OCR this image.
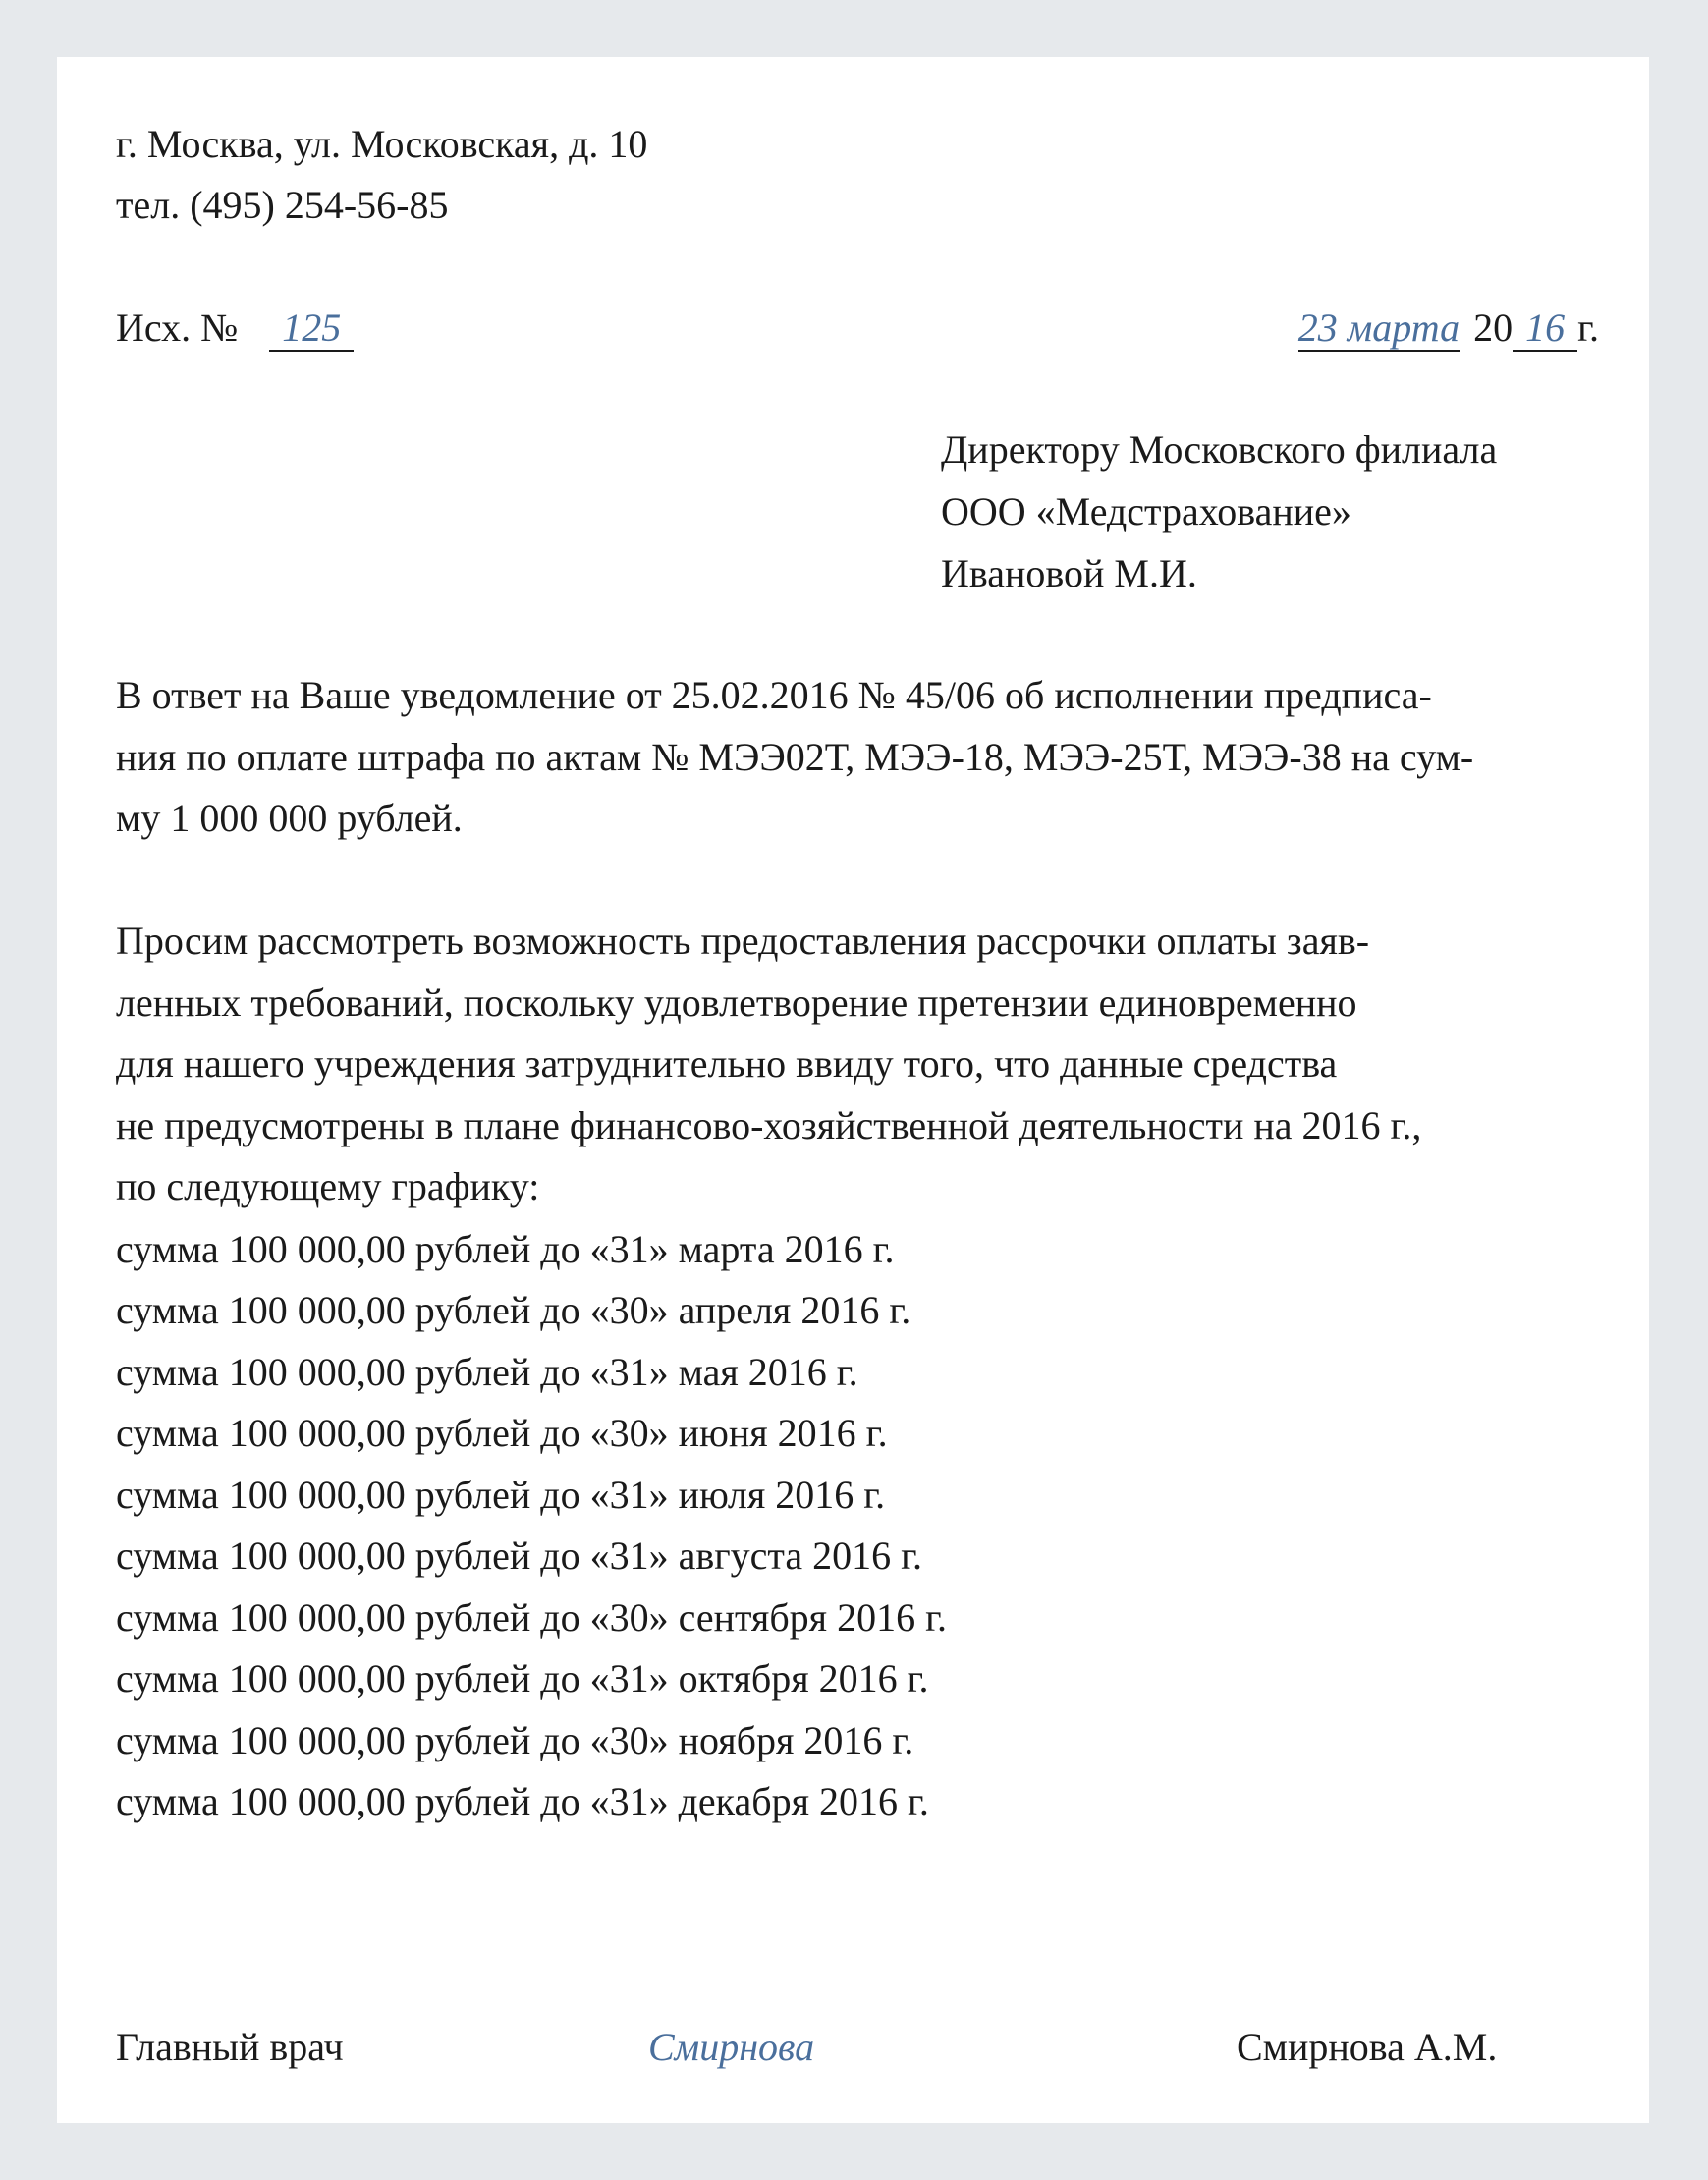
г. Москва, ул. Московская, д. 10

тел. (495) 254-56-85

Исх. № 125	23 марта 20 16 г.

Директору Московского филиала

ООО «Медстрахование»

Ивановой М.И.

В ответ на Ваше уведомление от 25.02.2016 № 45/06 об исполнении предписа-

ния по оплате штрафа по актам № МЭЭ02Т, МЭЭ-18, МЭЭ-25Т, МЭЭ-38 на сум-

му 1 000 000 рублей.

Просим рассмотреть возможность предоставления рассрочки оплаты заяв-

ленных требований, поскольку удовлетворение претензии единовременно

для нашего учреждения затруднительно ввиду того, что данные средства

не предусмотрены в плане финансово-хозяйственной деятельности на 2016 г.,

по следующему графику:

сумма 100 000,00 рублей до «31» марта 2016 г.

сумма 100 000,00 рублей до «30» апреля 2016 г.

сумма 100 000,00 рублей до «31» мая 2016 г.

сумма 100 000,00 рублей до «30» июня 2016 г.

сумма 100 000,00 рублей до «31» июля 2016 г.

сумма 100 000,00 рублей до «31» августа 2016 г.

сумма 100 000,00 рублей до «30» сентября 2016 г.

сумма 100 000,00 рублей до «31» октября 2016 г.

сумма 100 000,00 рублей до «30» ноября 2016 г.

сумма 100 000,00 рублей до «31» декабря 2016 г.

Главный врач	Смирнова	Смирнова А.М.
